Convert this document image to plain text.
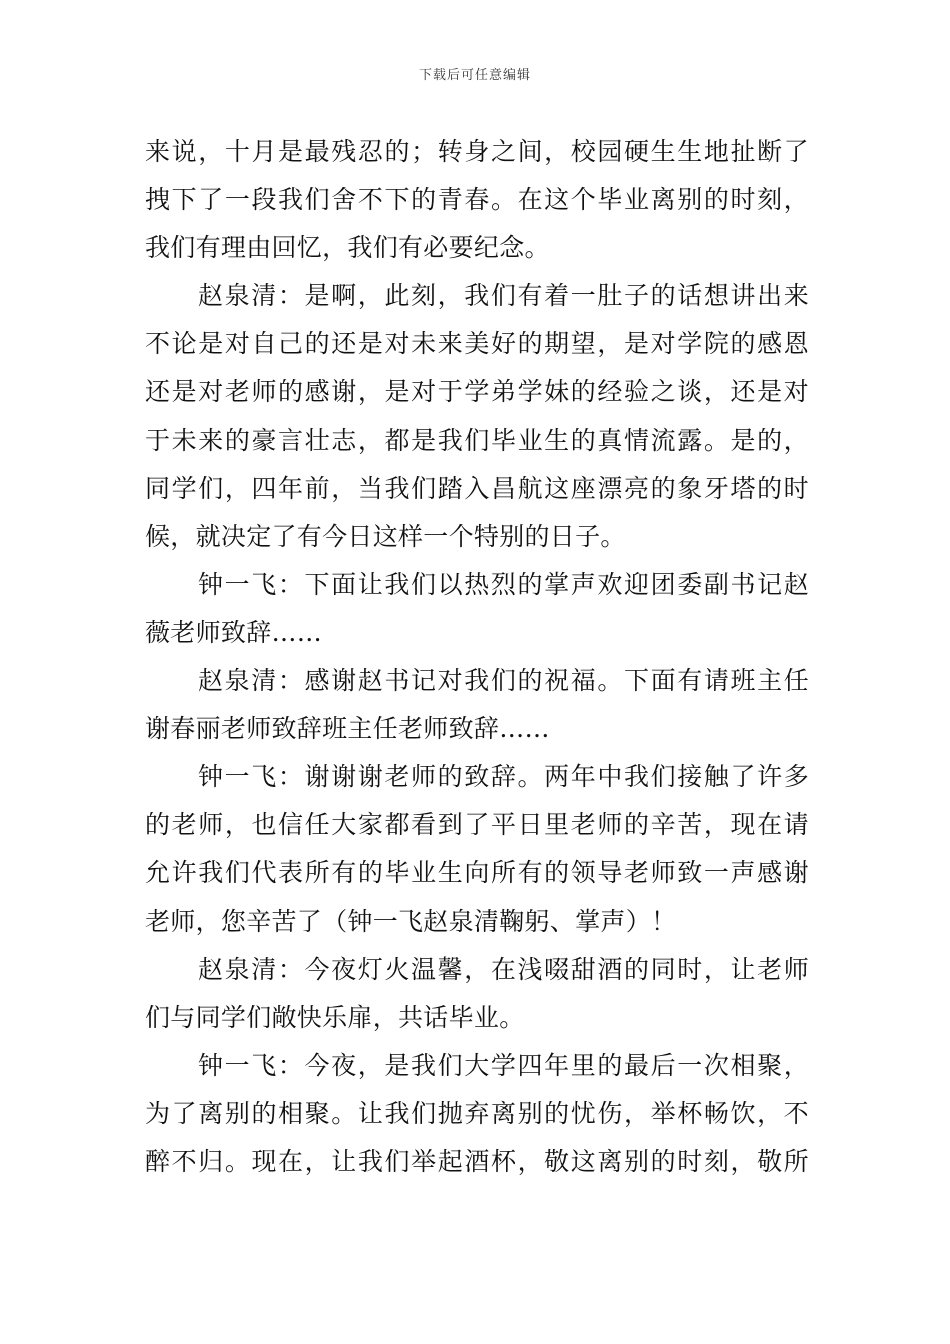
下载后可任意编辑
来说，十月是最残忍的；转身之间，校园硬生生地扯断了
拽下了一段我们舍不下的青春。在这个毕业离别的时刻，
我们有理由回忆，我们有必要纪念。
赵泉清：是啊，此刻，我们有着一肚子的话想讲出来
不论是对自己的还是对未来美好的期望，是对学院的感恩
还是对老师的感谢，是对于学弟学妹的经验之谈，还是对
于未来的豪言壮志，都是我们毕业生的真情流露。是的，
同学们，四年前，当我们踏入昌航这座漂亮的象牙塔的时
候，就决定了有今日这样一个特别的日子。
钟一飞：下面让我们以热烈的掌声欢迎团委副书记赵
薇老师致辞……
赵泉清：感谢赵书记对我们的祝福。下面有请班主任
谢春丽老师致辞班主任老师致辞……
钟一飞：谢谢谢老师的致辞。两年中我们接触了许多
的老师，也信任大家都看到了平日里老师的辛苦，现在请
允许我们代表所有的毕业生向所有的领导老师致一声感谢
老师，您辛苦了（钟一飞赵泉清鞠躬、掌声）！
赵泉清：今夜灯火温馨，在浅啜甜酒的同时，让老师
们与同学们敞快乐扉，共话毕业。
钟一飞：今夜，是我们大学四年里的最后一次相聚，
为了离别的相聚。让我们抛弃离别的忧伤，举杯畅饮，不
醉不归。现在，让我们举起酒杯，敬这离别的时刻，敬所
